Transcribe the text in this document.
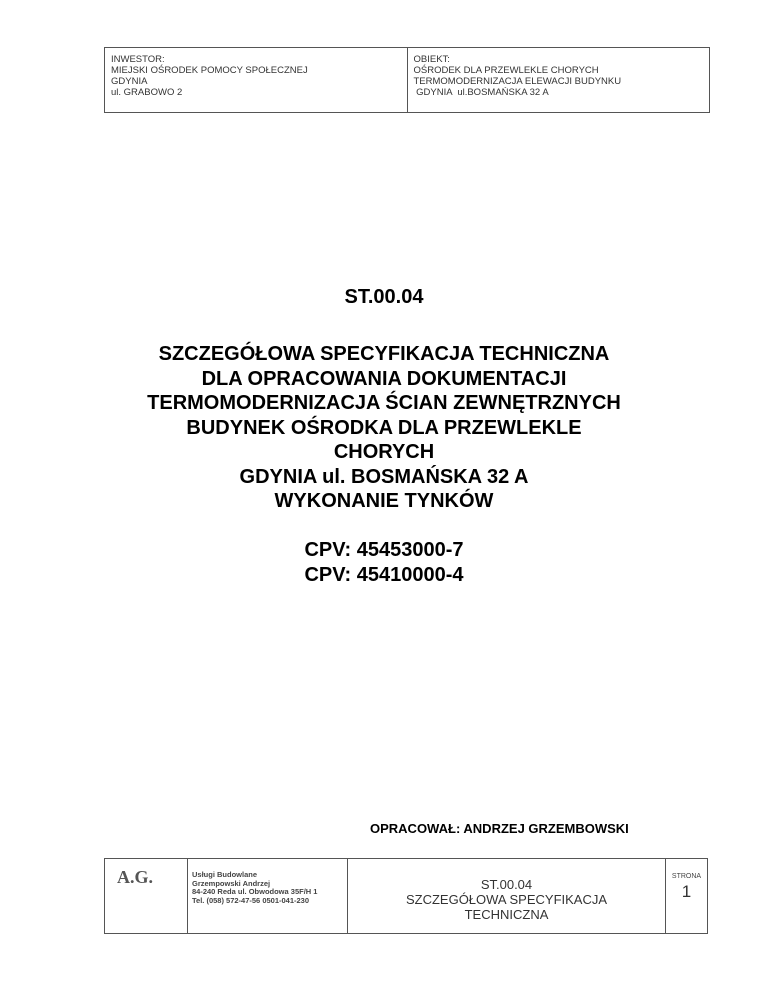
INWESTOR:
MIEJSKI OŚRODEK POMOCY SPOŁECZNEJ
GDYNIA
ul. GRABOWO 2
OBIEKT:
OŚRODEK DLA PRZEWLEKLE CHORYCH
TERMOMODERNIZACJA ELEWACJI BUDYNKU
GDYNIA  ul.BOSMAŃSKA 32 A
ST.00.04
SZCZEGÓŁOWA SPECYFIKACJA TECHNICZNA
DLA OPRACOWANIA DOKUMENTACJI
TERMOMODERNIZACJA ŚCIAN ZEWNĘTRZNYCH
BUDYNEK OŚRODKA DLA PRZEWLEKLE
CHORYCH
GDYNIA ul. BOSMAŃSKA 32 A
WYKONANIE TYNKÓW
CPV: 45453000-7
CPV: 45410000-4
OPRACOWAŁ: ANDRZEJ GRZEMBOWSKI
A.G.	Usługi Budowlane
Grzempowski Andrzej
84-240 Reda ul. Obwodowa 35F/H 1
Tel. (058) 572-47-56 0501-041-230
ST.00.04
SZCZEGÓŁOWA SPECYFIKACJA
TECHNICZNA
STRONA
1
